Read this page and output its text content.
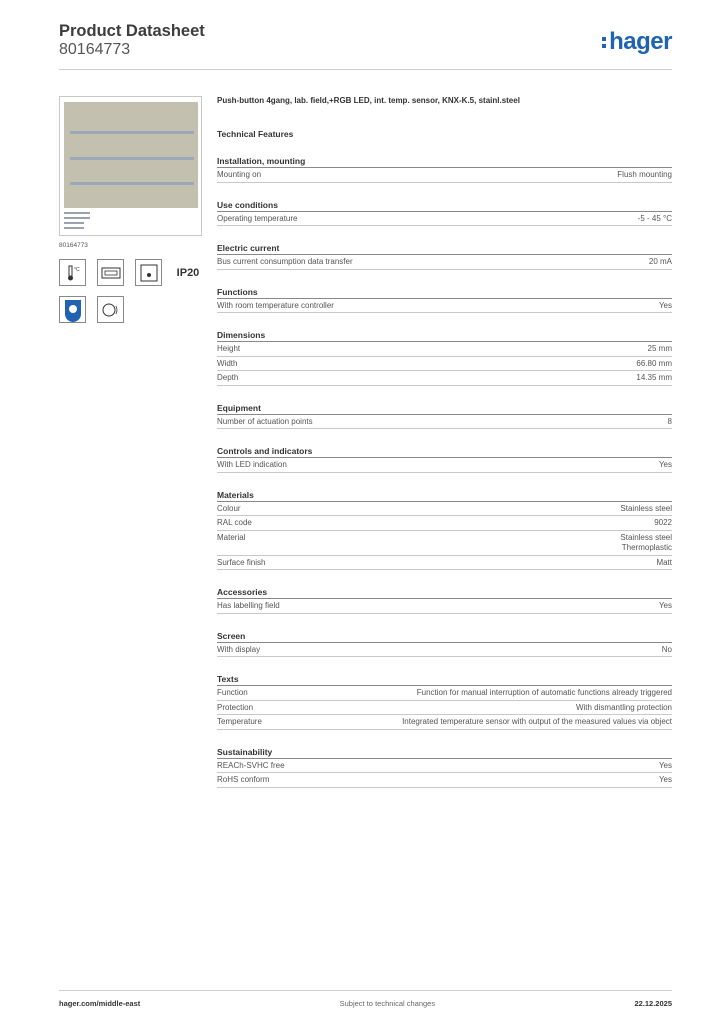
Product Datasheet
80164773	hager
80164773
°C	IP20
Push-button 4gang, lab. field,+RGB LED, int. temp. sensor, KNX-K.5, stainl.steel
Technical Features
Installation, mounting
Mounting on	Flush mounting
Use conditions
Operating temperature	-5 - 45 °C
Electric current
Bus current consumption data transfer	20 mA
Functions
With room temperature controller	Yes
Dimensions
Height	25 mm
Width	66.80 mm
Depth	14.35 mm
Equipment
Number of actuation points	8
Controls and indicators
With LED indication	Yes
Materials
Colour	Stainless steel
RAL code	9022
Material	Stainless steel
Thermoplastic
Surface finish	Matt
Accessories
Has labelling field	Yes
Screen
With display	No
Texts
Function	Function for manual interruption of automatic functions already triggered
Protection	With dismantling protection
Temperature	Integrated temperature sensor with output of the measured values via object
Sustainability
REACh-SVHC free	Yes
RoHS conform	Yes
hager.com/middle-east	Subject to technical changes	22.12.2025
